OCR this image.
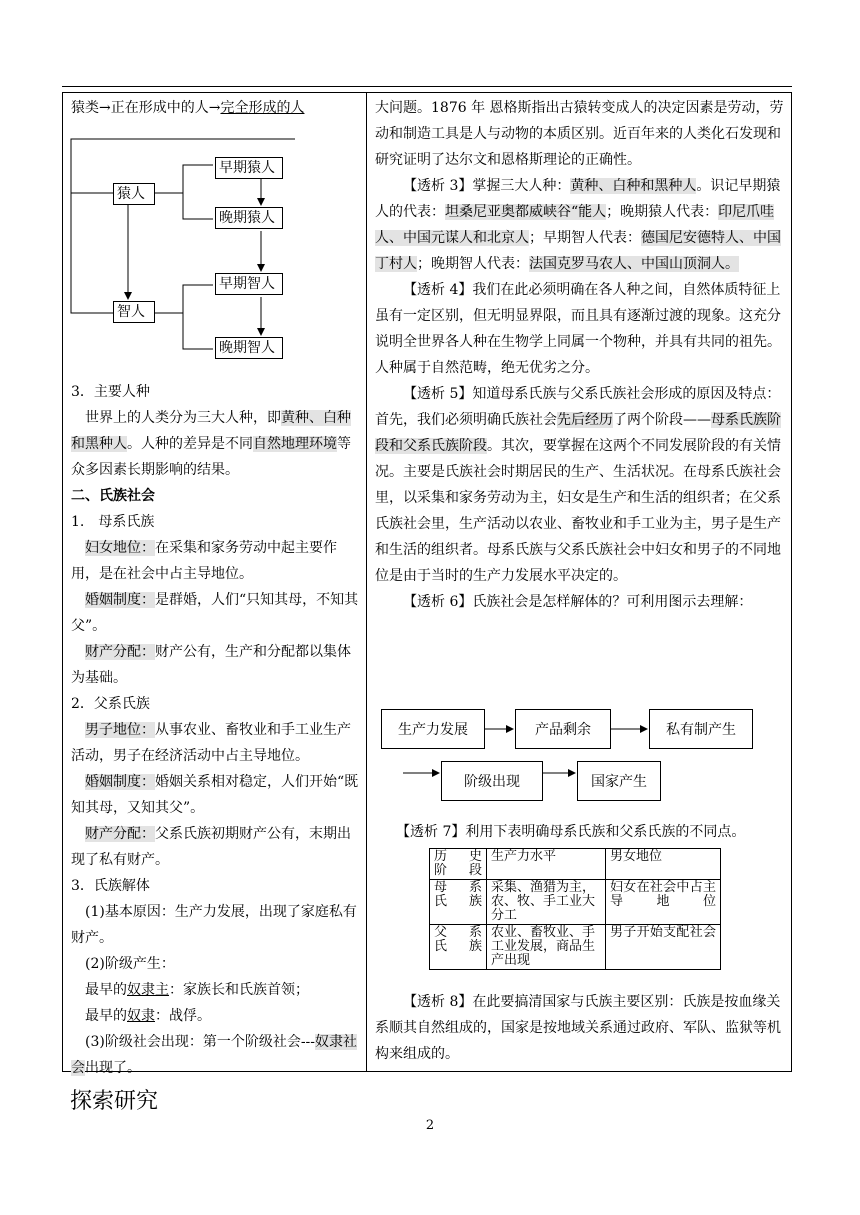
猿类→正在形成中的人→完全形成的人

3．主要人种

世界上的人类分为三大人种，即黄种、白种和黑种人。人种的差异是不同自然地理环境等众多因素长期影响的结果。

二、氏族社会

1.　母系氏族

妇女地位：在采集和家务劳动中起主要作用，是在社会中占主导地位。

婚姻制度：是群婚，人们“只知其母，不知其父”。

财产分配：财产公有，生产和分配都以集体为基础。

2．父系氏族

男子地位：从事农业、畜牧业和手工业生产活动，男子在经济活动中占主导地位。

婚姻制度：婚姻关系相对稳定，人们开始“既知其母，又知其父”。

财产分配：父系氏族初期财产公有，末期出现了私有财产。

3．氏族解体

(1)基本原因：生产力发展，出现了家庭私有财产。

(2)阶级产生：

最早的奴隶主：家族长和氏族首领；

最早的奴隶：战俘。

(3)阶级社会出现：第一个阶级社会---奴隶社会出现了。

猿人
智人
早期猿人
晚期猿人
早期智人
晚期智人

大问题。1876 年 恩格斯指出古猿转变成人的决定因素是劳动，劳动和制造工具是人与动物的本质区别。近百年来的人类化石发现和研究证明了达尔文和恩格斯理论的正确性。

【透析 3】掌握三大人种：黄种、白种和黑种人。识记早期猿人的代表：坦桑尼亚奥都威峡谷“能人；晚期猿人代表：印尼爪哇人、中国元谋人和北京人；早期智人代表：德国尼安德特人、中国丁村人；晚期智人代表：法国克罗马农人、中国山顶洞人。

【透析 4】我们在此必须明确在各人种之间，自然体质特征上虽有一定区别，但无明显界限，而且具有逐渐过渡的现象。这充分说明全世界各人种在生物学上同属一个物种，并具有共同的祖先。人种属于自然范畴，绝无优劣之分。

【透析 5】知道母系氏族与父系氏族社会形成的原因及特点：首先，我们必须明确氏族社会先后经历了两个阶段——母系氏族阶段和父系氏族阶段。其次，要掌握在这两个不同发展阶段的有关情况。主要是氏族社会时期居民的生产、生活状况。在母系氏族社会里，以采集和家务劳动为主，妇女是生产和生活的组织者；在父系氏族社会里，生产活动以农业、畜牧业和手工业为主，男子是生产和生活的组织者。母系氏族与父系氏族社会中妇女和男子的不同地位是由于当时的生产力发展水平决定的。

【透析 6】氏族社会是怎样解体的？可利用图示去理解：

生产力发展	产品剩余	私有制产生
阶级出现	国家产生

【透析 7】利用下表明确母系氏族和父系氏族的不同点。

历　史阶段	生产力水平	男女地位
母　系氏族	采集、渔猎为主，农、牧、手工业大分工	妇女在社会中占主导地位
父　系氏族	农业、畜牧业、手工业发展，商品生产出现	男子开始支配社会

【透析 8】在此要搞清国家与氏族主要区别：氏族是按血缘关系顺其自然组成的，国家是按地域关系通过政府、军队、监狱等机构来组成的。

探索研究
2
